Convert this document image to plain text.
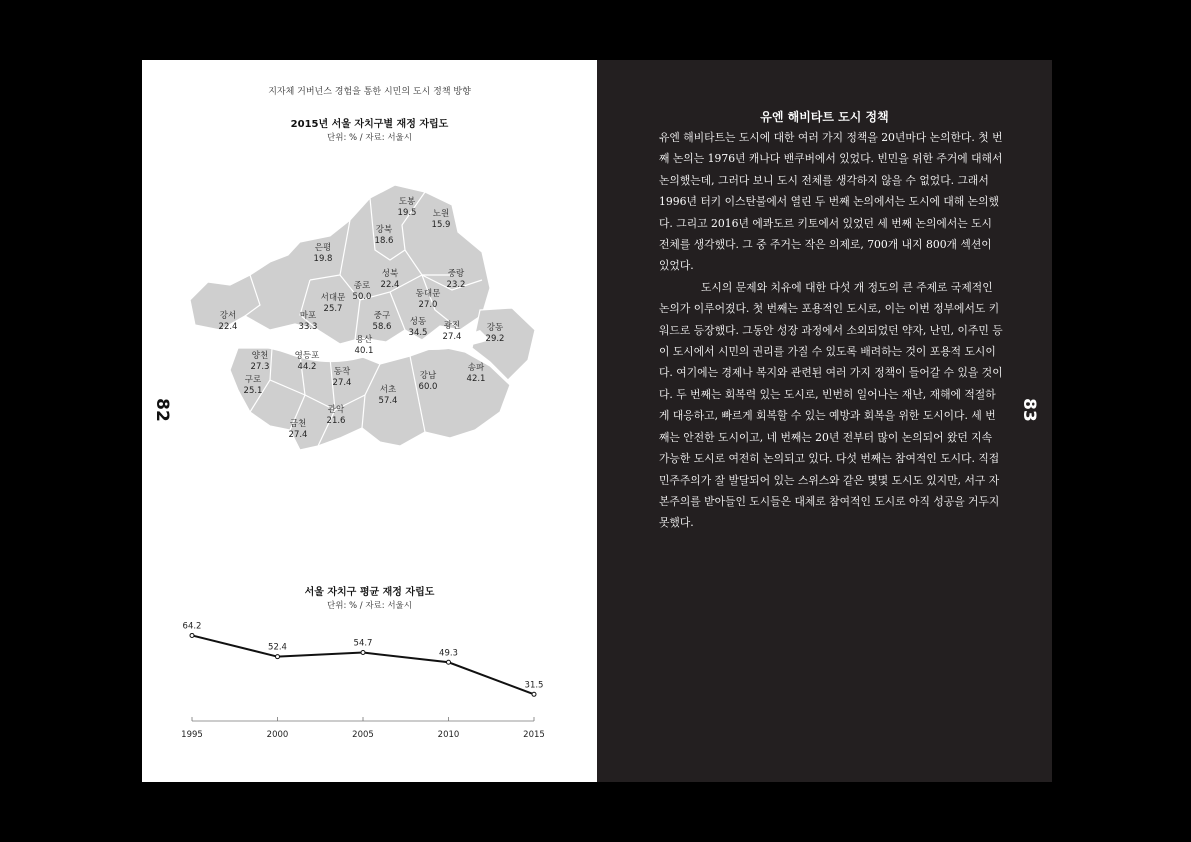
지자체 거버넌스 경험을 통한 시민의 도시 정책 방향
2015년 서울 자치구별 재정 자립도
단위: % / 자료: 서울시
도봉
19.5 노원
15.9
강북
18.6
은평
19.8
성북
22.4
중랑
23.2
종로
50.0
서대문
25.7
동대문
27.0
강서
22.4
마포
33.3
중구
58.6 성동
34.5
광진
27.4
강동
29.2
용산
40.1
양천
27.3
영등포
44.2 동작
27.4
강남
60.0
송파
42.1
구로
25.1	서초
57.4
관악
21.6
금천
27.4
64.2
1995
52.4
2000
54.7
2005
49.3
2010
31.5
2015
서울 자치구 평균 재정 자립도
단위: % / 자료: 서울시
82
유엔 해비타트 도시 정책

유엔 해비타트는 도시에 대한 여러 가지 정책을 20년마다 논의한다. 첫 번째 논의는 1976년 캐나다 밴쿠버에서 있었다. 빈민을 위한 주거에 대해서 논의했는데, 그러다 보니 도시 전체를 생각하지 않을 수 없었다. 그래서 1996년 터키 이스탄불에서 열린 두 번째 논의에서는 도시에 대해 논의했다. 그리고 2016년 에콰도르 키토에서 있었던 세 번째 논의에서는 도시 전체를 생각했다. 그 중 주거는 작은 의제로, 700개 내지 800개 섹션이 있었다.

도시의 문제와 치유에 대한 다섯 개 정도의 큰 주제로 국제적인 논의가 이루어졌다. 첫 번째는 포용적인 도시로, 이는 이번 정부에서도 키워드로 등장했다. 그동안 성장 과정에서 소외되었던 약자, 난민, 이주민 등이 도시에서 시민의 권리를 가질 수 있도록 배려하는 것이 포용적 도시이다. 여기에는 경제나 복지와 관련된 여러 가지 정책이 들어갈 수 있을 것이다. 두 번째는 회복력 있는 도시로, 빈번히 일어나는 재난, 재해에 적절하게 대응하고, 빠르게 회복할 수 있는 예방과 회복을 위한 도시이다. 세 번째는 안전한 도시이고, 네 번째는 20년 전부터 많이 논의되어 왔던 지속 가능한 도시로 여전히 논의되고 있다. 다섯 번째는 참여적인 도시다. 직접민주주의가 잘 발달되어 있는 스위스와 같은 몇몇 도시도 있지만, 서구 자본주의를 받아들인 도시들은 대체로 참여적인 도시로 아직 성공을 거두지 못했다.

83
